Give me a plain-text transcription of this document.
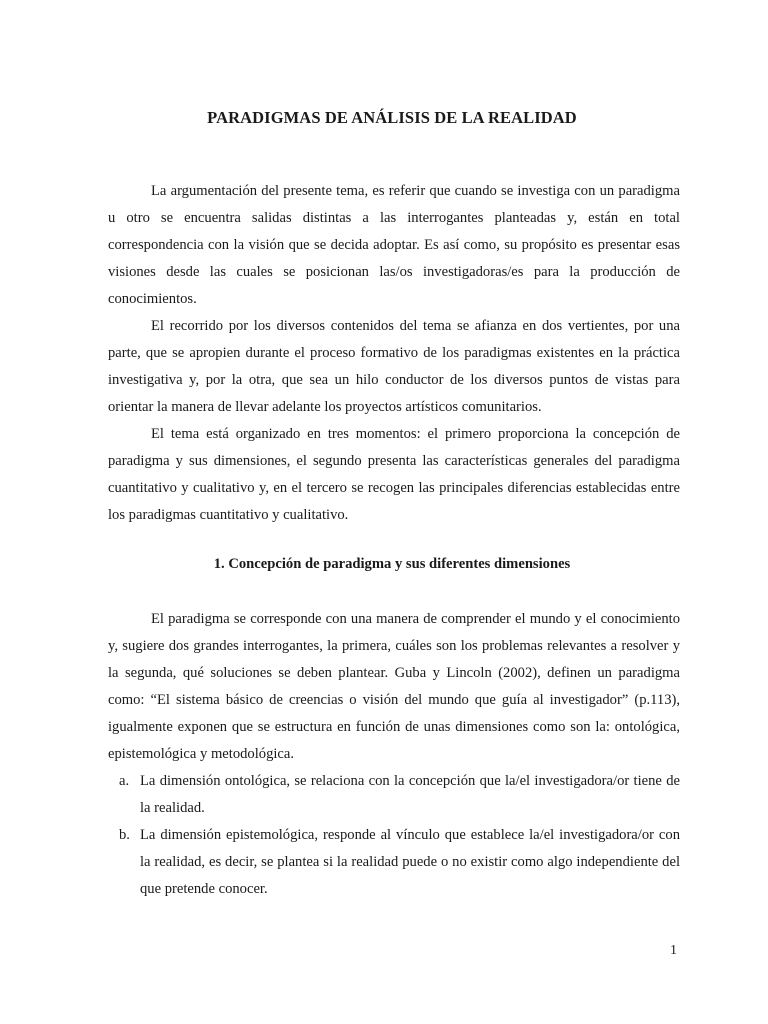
PARADIGMAS DE ANÁLISIS DE LA REALIDAD

La argumentación del presente tema, es referir que cuando se investiga con un paradigma u otro se encuentra salidas distintas a las interrogantes planteadas y, están en total correspondencia con la visión que se decida adoptar. Es así como, su propósito es presentar esas visiones desde las cuales se posicionan las/os investigadoras/es para la producción de conocimientos.

El recorrido por los diversos contenidos del tema se afianza en dos vertientes, por una parte, que se apropien durante el proceso formativo de los paradigmas existentes en la práctica investigativa y, por la otra, que sea un hilo conductor de los diversos puntos de vistas para orientar la manera de llevar adelante los proyectos artísticos comunitarios.

El tema está organizado en tres momentos: el primero proporciona la concepción de paradigma y sus dimensiones, el segundo presenta las características generales del paradigma cuantitativo y cualitativo y, en el tercero se recogen las principales diferencias establecidas entre los paradigmas cuantitativo y cualitativo.

1. Concepción de paradigma y sus diferentes dimensiones

El paradigma se corresponde con una manera de comprender el mundo y el conocimiento y, sugiere dos grandes interrogantes, la primera, cuáles son los problemas relevantes a resolver y la segunda, qué soluciones se deben plantear. Guba y Lincoln (2002), definen un paradigma como: “El sistema básico de creencias o visión del mundo que guía al investigador” (p.113), igualmente exponen que se estructura en función de unas dimensiones como son la: ontológica, epistemológica y metodológica.

a. La dimensión ontológica, se relaciona con la concepción que la/el investigadora/or tiene de la realidad.
b. La dimensión epistemológica, responde al vínculo que establece la/el investigadora/or con la realidad, es decir, se plantea si la realidad puede o no existir como algo independiente del que pretende conocer.
1
